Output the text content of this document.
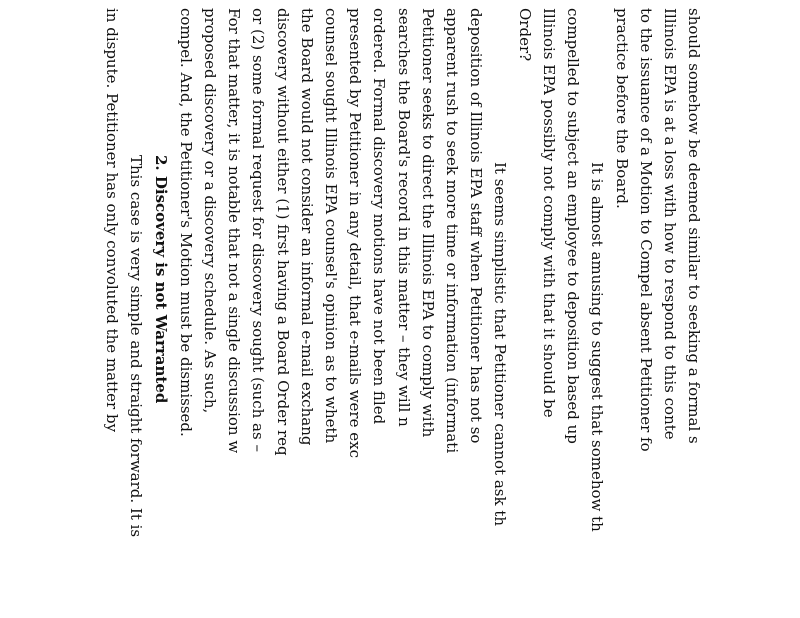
should somehow be deemed similar to seeking a formal s
Illinois EPA is at a loss with how to respond to this conte
to the issuance of a Motion to Compel absent Petitioner fo
practice before the Board.
It is almost amusing to suggest that somehow th
compelled to subject an employee to deposition based up
Illinois EPA possibly not comply with that it should be
Order?
It seems simplistic that Petitioner cannot ask th
deposition of Illinois EPA staff when Petitioner has not so
apparent rush to seek more time or information (informati
Petitioner seeks to direct the Illinois EPA to comply with
searches the Board's record in this matter – they will n
ordered. Formal discovery motions have not been filed
presented by Petitioner in any detail, that e-mails were exc
counsel sought Illinois EPA counsel's opinion as to wheth
the Board would not consider an informal e-mail exchang
discovery without either (1) first having a Board Order req
or (2) some formal request for discovery sought (such as –
For that matter, it is notable that not a single discussion w
proposed discovery or a discovery schedule. As such,
compel. And, the Petitioner's Motion must be dismissed.
2. Discovery is not Warranted
This case is very simple and straight forward. It is
in dispute. Petitioner has only convoluted the matter by
